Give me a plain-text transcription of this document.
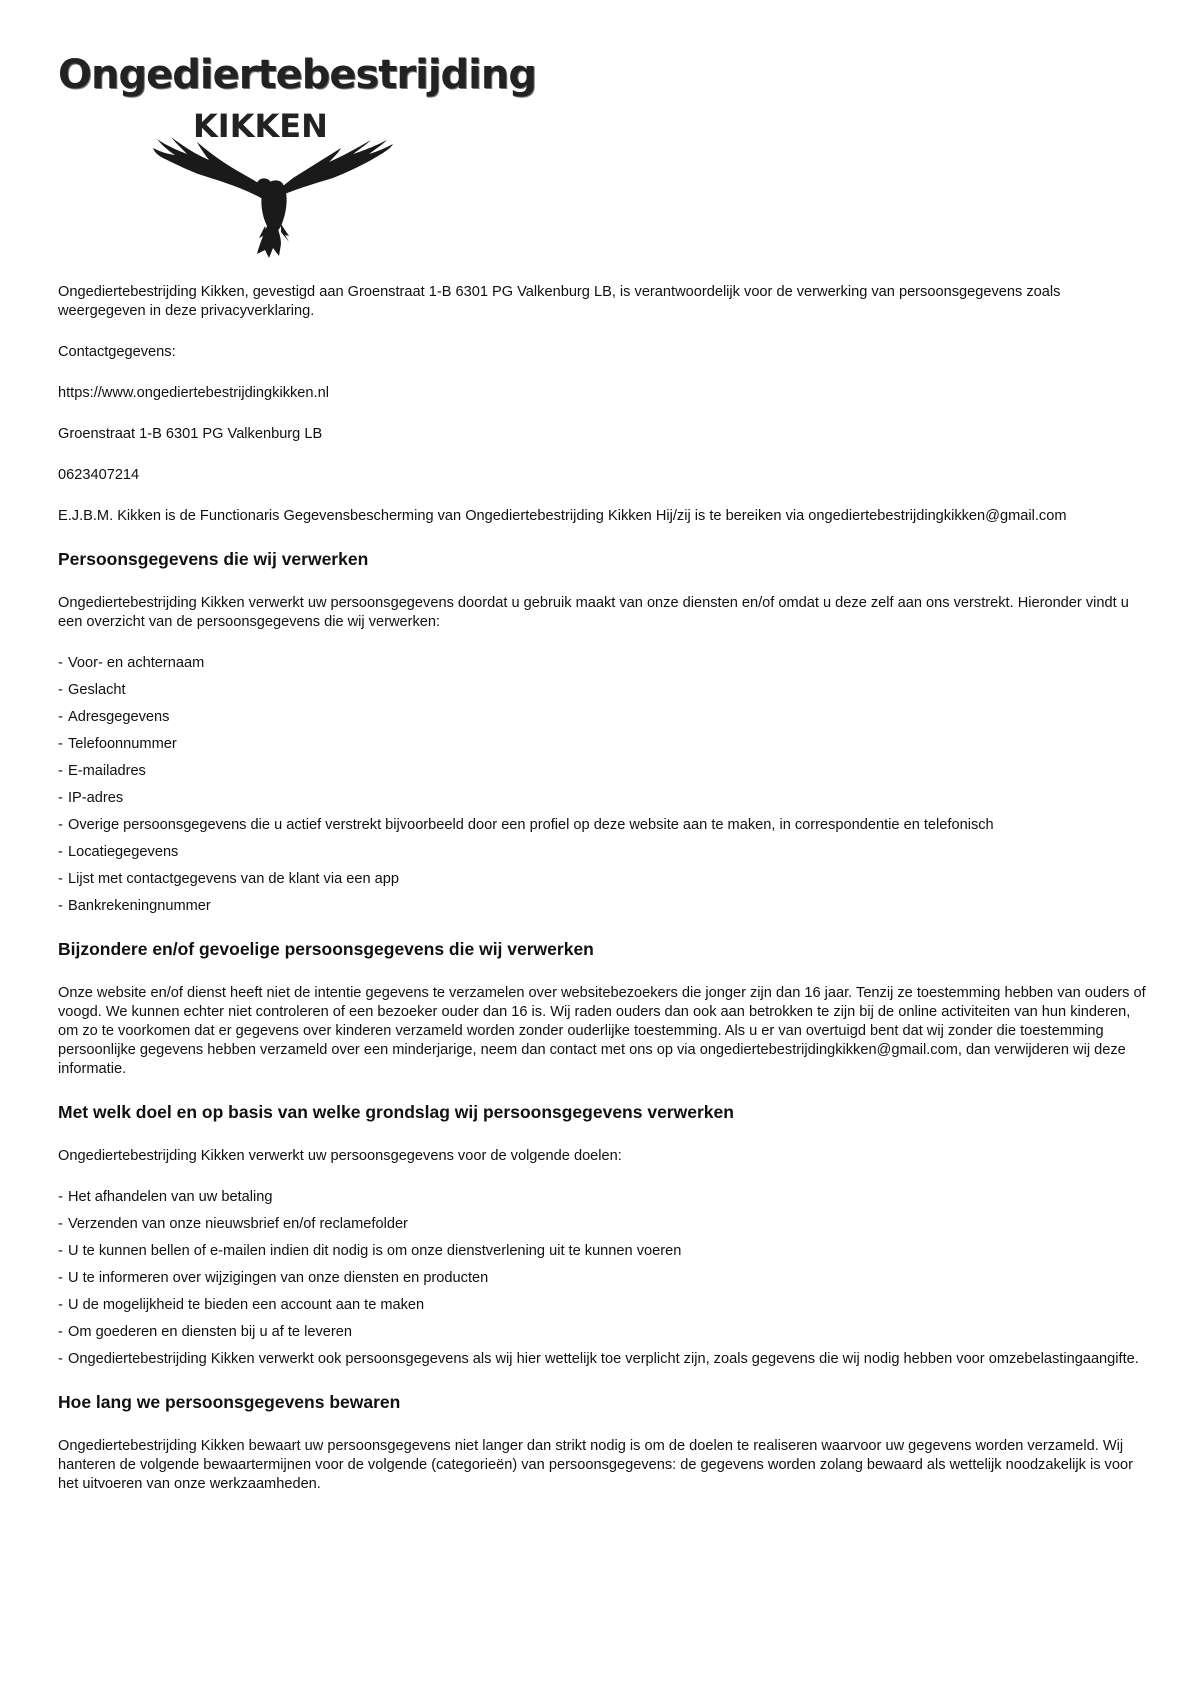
Ongediertebestrijding
KIKKEN

Ongediertebestrijding Kikken, gevestigd aan Groenstraat 1-B 6301 PG Valkenburg LB, is verantwoordelijk voor de verwerking van persoonsgegevens zoals weergegeven in deze privacyverklaring.

Contactgegevens:

https://www.ongediertebestrijdingkikken.nl

Groenstraat 1-B 6301 PG Valkenburg LB

0623407214

E.J.B.M. Kikken is de Functionaris Gegevensbescherming van Ongediertebestrijding Kikken Hij/zij is te bereiken via ongediertebestrijdingkikken@gmail.com

Persoonsgegevens die wij verwerken

Ongediertebestrijding Kikken verwerkt uw persoonsgegevens doordat u gebruik maakt van onze diensten en/of omdat u deze zelf aan ons verstrekt. Hieronder vindt u een overzicht van de persoonsgegevens die wij verwerken:

- Voor- en achternaam
- Geslacht
- Adresgegevens
- Telefoonnummer
- E-mailadres
- IP-adres
- Overige persoonsgegevens die u actief verstrekt bijvoorbeeld door een profiel op deze website aan te maken, in correspondentie en telefonisch
- Locatiegegevens
- Lijst met contactgegevens van de klant via een app
- Bankrekeningnummer
Bijzondere en/of gevoelige persoonsgegevens die wij verwerken

Onze website en/of dienst heeft niet de intentie gegevens te verzamelen over websitebezoekers die jonger zijn dan 16 jaar. Tenzij ze toestemming hebben van ouders of voogd. We kunnen echter niet controleren of een bezoeker ouder dan 16 is. Wij raden ouders dan ook aan betrokken te zijn bij de online activiteiten van hun kinderen, om zo te voorkomen dat er gegevens over kinderen verzameld worden zonder ouderlijke toestemming. Als u er van overtuigd bent dat wij zonder die toestemming persoonlijke gegevens hebben verzameld over een minderjarige, neem dan contact met ons op via ongediertebestrijdingkikken@gmail.com, dan verwijderen wij deze informatie.

Met welk doel en op basis van welke grondslag wij persoonsgegevens verwerken

Ongediertebestrijding Kikken verwerkt uw persoonsgegevens voor de volgende doelen:

- Het afhandelen van uw betaling
- Verzenden van onze nieuwsbrief en/of reclamefolder
- U te kunnen bellen of e-mailen indien dit nodig is om onze dienstverlening uit te kunnen voeren
- U te informeren over wijzigingen van onze diensten en producten
- U de mogelijkheid te bieden een account aan te maken
- Om goederen en diensten bij u af te leveren
- Ongediertebestrijding Kikken verwerkt ook persoonsgegevens als wij hier wettelijk toe verplicht zijn, zoals gegevens die wij nodig hebben voor omzebelastingaangifte.
Hoe lang we persoonsgegevens bewaren

Ongediertebestrijding Kikken bewaart uw persoonsgegevens niet langer dan strikt nodig is om de doelen te realiseren waarvoor uw gegevens worden verzameld. Wij hanteren de volgende bewaartermijnen voor de volgende (categorieën) van persoonsgegevens: de gegevens worden zolang bewaard als wettelijk noodzakelijk is voor het uitvoeren van onze werkzaamheden.
